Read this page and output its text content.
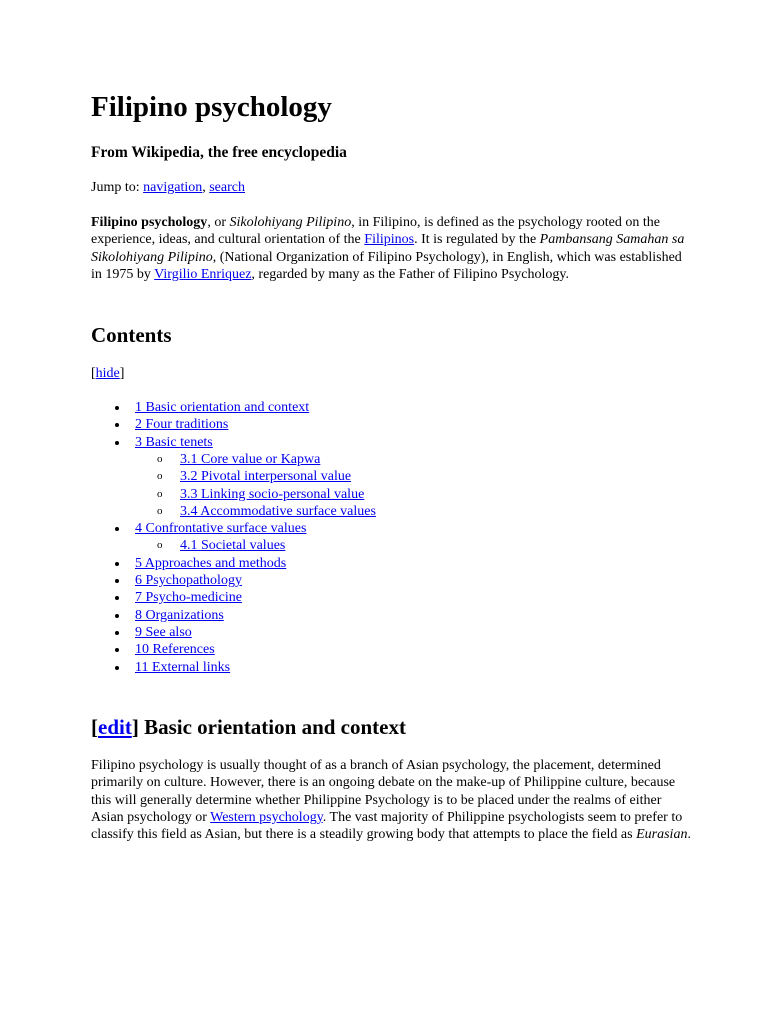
Filipino psychology
From Wikipedia, the free encyclopedia
Jump to: navigation, search

Filipino psychology, or Sikolohiyang Pilipino, in Filipino, is defined as the psychology rooted on the experience, ideas, and cultural orientation of the Filipinos. It is regulated by the Pambansang Samahan sa Sikolohiyang Pilipino, (National Organization of Filipino Psychology), in English, which was established in 1975 by Virgilio Enriquez, regarded by many as the Father of Filipino Psychology.

Contents
[hide]
1 Basic orientation and context
2 Four traditions
3 Basic tenets
o 3.1 Core value or Kapwa
o 3.2 Pivotal interpersonal value
o 3.3 Linking socio-personal value
o 3.4 Accommodative surface values
4 Confrontative surface values
o 4.1 Societal values
5 Approaches and methods
6 Psychopathology
7 Psycho-medicine
8 Organizations
9 See also
10 References
11 External links
[edit] Basic orientation and context

Filipino psychology is usually thought of as a branch of Asian psychology, the placement, determined primarily on culture. However, there is an ongoing debate on the make-up of Philippine culture, because this will generally determine whether Philippine Psychology is to be placed under the realms of either Asian psychology or Western psychology. The vast majority of Philippine psychologists seem to prefer to classify this field as Asian, but there is a steadily growing body that attempts to place the field as Eurasian.
